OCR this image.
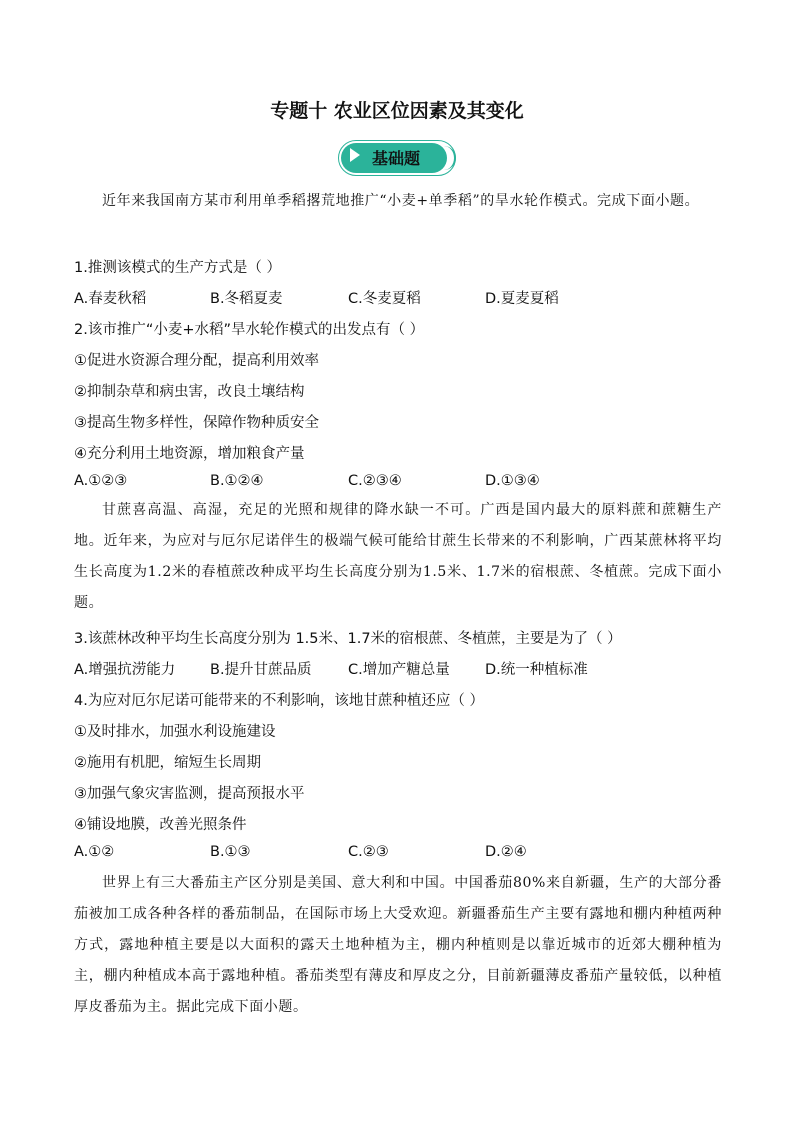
专题十 农业区位因素及其变化
基础题
近年来我国南方某市利用单季稻撂荒地推广“小麦+单季稻”的旱水轮作模式。完成下面小题。
1.推测该模式的生产方式是（ ）
A.春麦秋稻	B.冬稻夏麦	C.冬麦夏稻	D.夏麦夏稻
2.该市推广“小麦+水稻”旱水轮作模式的出发点有（ ）
①促进水资源合理分配，提高利用效率
②抑制杂草和病虫害，改良土壤结构
③提高生物多样性，保障作物种质安全
④充分利用土地资源，增加粮食产量
A.①②③	B.①②④	C.②③④	D.①③④
甘蔗喜高温、高湿，充足的光照和规律的降水缺一不可。广西是国内最大的原料蔗和蔗糖生产地。近年来，为应对与厄尔尼诺伴生的极端气候可能给甘蔗生长带来的不利影响，广西某蔗林将平均生长高度为1.2米的春植蔗改种成平均生长高度分别为1.5米、1.7米的宿根蔗、冬植蔗。完成下面小题。
3.该蔗林改种平均生长高度分别为 1.5米、1.7米的宿根蔗、冬植蔗，主要是为了（ ）
A.增强抗涝能力 B.提升甘蔗品质	C.增加产糖总量 D.统一种植标准
4.为应对厄尔尼诺可能带来的不利影响，该地甘蔗种植还应（ ）
①及时排水，加强水利设施建设
②施用有机肥，缩短生长周期
③加强气象灾害监测，提高预报水平
④铺设地膜，改善光照条件
A.①②	B.①③	C.②③	D.②④
世界上有三大番茄主产区分别是美国、意大利和中国。中国番茄80%来自新疆，生产的大部分番茄被加工成各种各样的番茄制品，在国际市场上大受欢迎。新疆番茄生产主要有露地和棚内种植两种方式，露地种植主要是以大面积的露天土地种植为主，棚内种植则是以靠近城市的近郊大棚种植为主，棚内种植成本高于露地种植。番茄类型有薄皮和厚皮之分，目前新疆薄皮番茄产量较低，以种植厚皮番茄为主。据此完成下面小题。
